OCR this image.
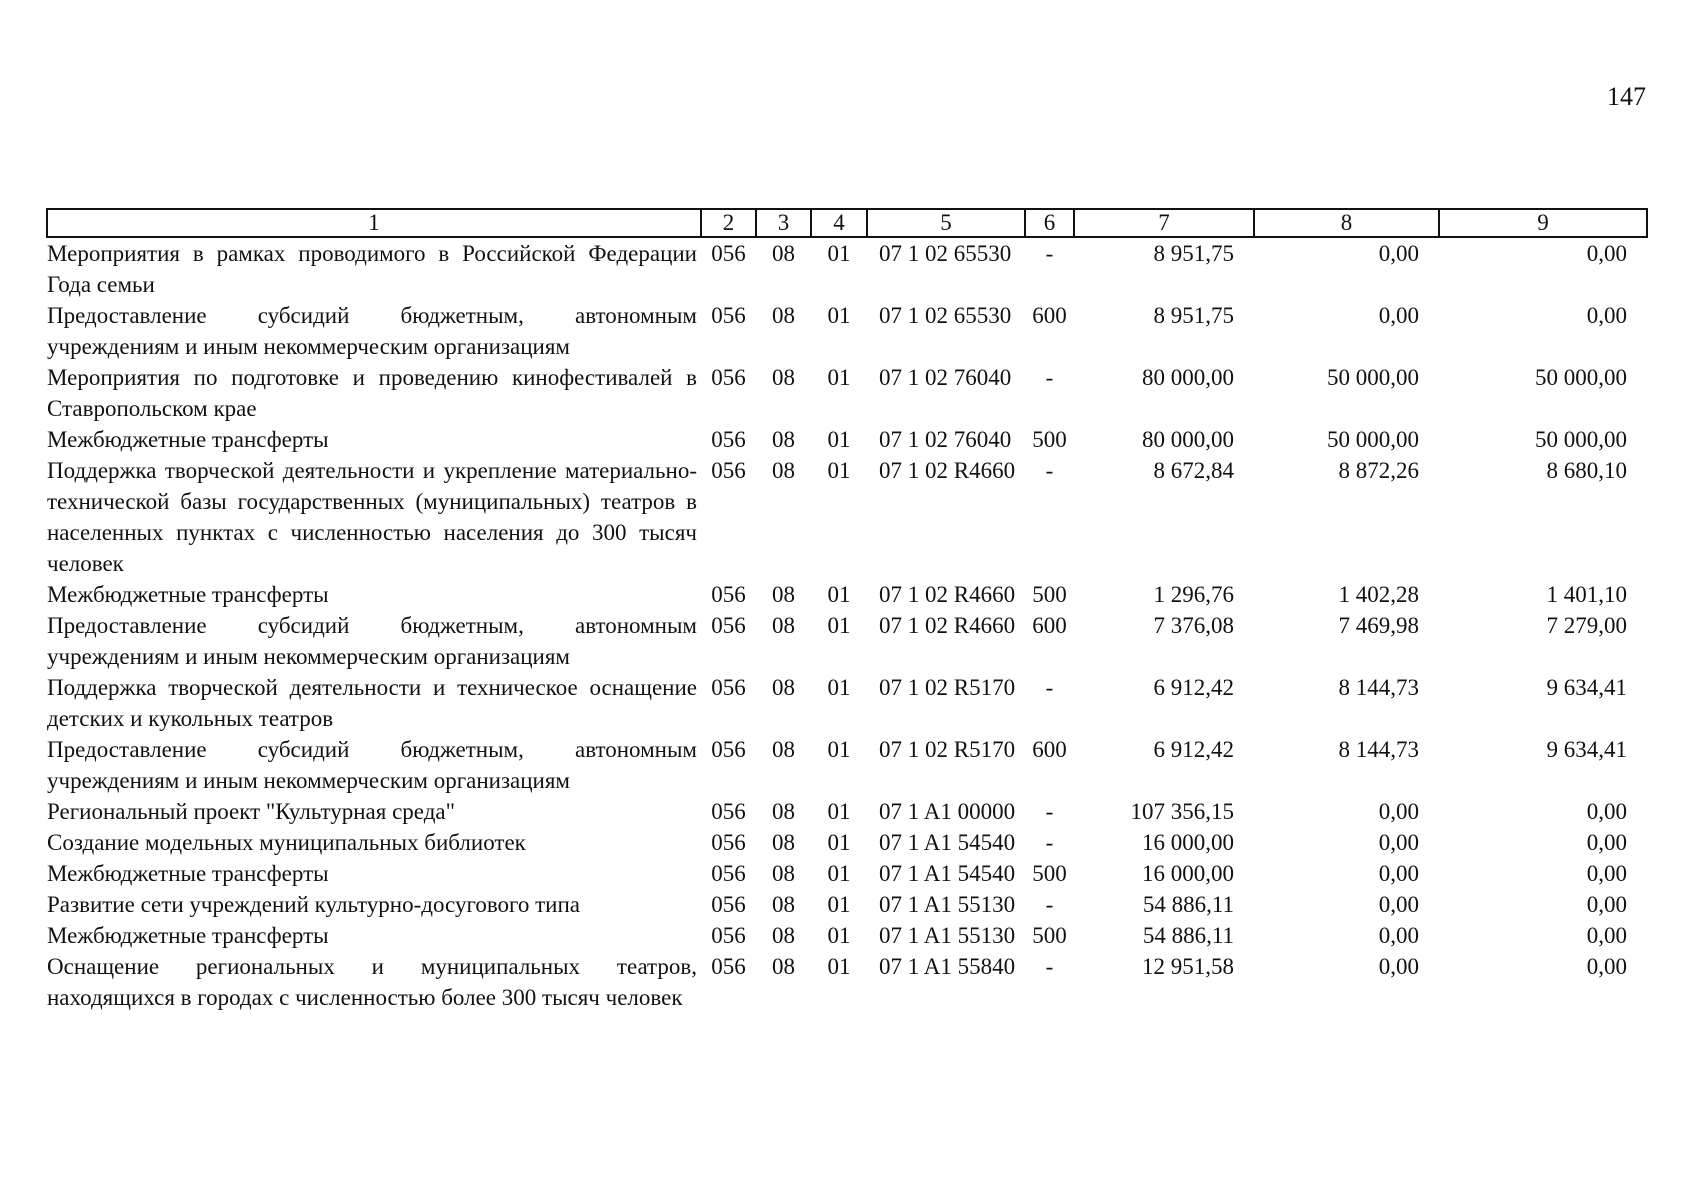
147
1	2	3	4	5	6	7	8	9
Мероприятия в рамках проводимого в Российской Федерации Года семьи	056	08	01	07 1 02 65530	-	8 951,75	0,00	0,00
Предоставление субсидий бюджетным, автономным учреждениям и иным некоммерческим организациям	056	08	01	07 1 02 65530	600	8 951,75	0,00	0,00
Мероприятия по подготовке и проведению кинофестивалей в Ставропольском крае	056	08	01	07 1 02 76040	-	80 000,00	50 000,00	50 000,00
Межбюджетные трансферты	056	08	01	07 1 02 76040	500	80 000,00	50 000,00	50 000,00
Поддержка творческой деятельности и укрепление материально-технической базы государственных (муниципальных) театров в населенных пунктах с численностью населения до 300 тысяч человек	056	08	01	07 1 02 R4660	-	8 672,84	8 872,26	8 680,10
Межбюджетные трансферты	056	08	01	07 1 02 R4660	500	1 296,76	1 402,28	1 401,10
Предоставление субсидий бюджетным, автономным учреждениям и иным некоммерческим организациям	056	08	01	07 1 02 R4660	600	7 376,08	7 469,98	7 279,00
Поддержка творческой деятельности и техническое оснащение детских и кукольных театров	056	08	01	07 1 02 R5170	-	6 912,42	8 144,73	9 634,41
Предоставление субсидий бюджетным, автономным учреждениям и иным некоммерческим организациям	056	08	01	07 1 02 R5170	600	6 912,42	8 144,73	9 634,41
Региональный проект "Культурная среда"	056	08	01	07 1 A1 00000	-	107 356,15	0,00	0,00
Создание модельных муниципальных библиотек	056	08	01	07 1 A1 54540	-	16 000,00	0,00	0,00
Межбюджетные трансферты	056	08	01	07 1 A1 54540	500	16 000,00	0,00	0,00
Развитие сети учреждений культурно-досугового типа	056	08	01	07 1 A1 55130	-	54 886,11	0,00	0,00
Межбюджетные трансферты	056	08	01	07 1 A1 55130	500	54 886,11	0,00	0,00
Оснащение региональных и муниципальных театров, находящихся в городах с численностью более 300 тысяч человек	056	08	01	07 1 A1 55840	-	12 951,58	0,00	0,00
